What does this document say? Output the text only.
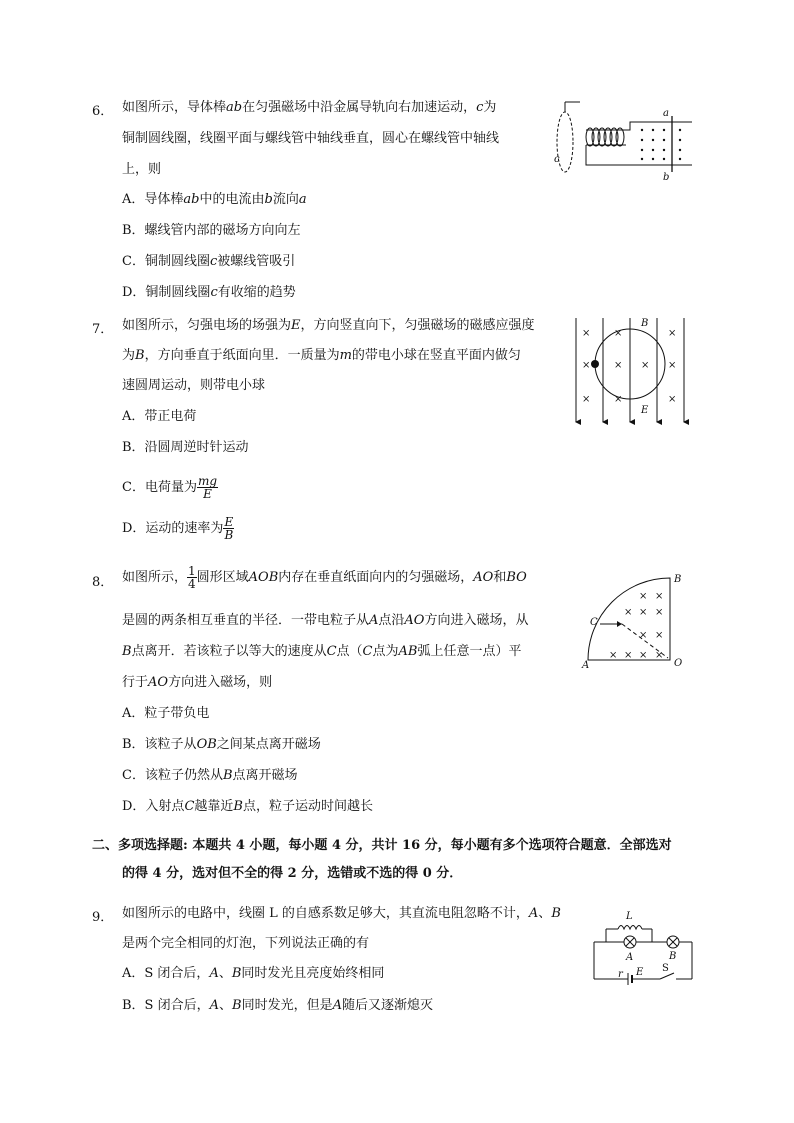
6． 如图所示，导体棒ab在匀强磁场中沿金属导轨向右加速运动，c为
铜制圆线圈，线圈平面与螺线管中轴线垂直，圆心在螺线管中轴线
上，则
A．导体棒ab中的电流由b流向a
B．螺线管内部的磁场方向向左
C．铜制圆线圈c被螺线管吸引
D．铜制圆线圈c有收缩的趋势
c
a
b
7． 如图所示，匀强电场的场强为E，方向竖直向下，匀强磁场的磁感应强度
为B，方向垂直于纸面向里．一质量为m的带电小球在竖直平面内做匀
速圆周运动，则带电小球
A．带正电荷
B．沿圆周逆时针运动
C．电荷量为 $\frac{mg}{E}$
D．运动的速率为 $\frac{E}{B}$
× ×	×
× × × ×
× ×	×
B
E
8． 如图所示， $\frac{1}{4}$ 圆形区域AOB内存在垂直纸面向内的匀强磁场，AO和BO
是圆的两条相互垂直的半径．一带电粒子从A点沿AO方向进入磁场，从
B点离开．若该粒子以等大的速度从C点（C点为AB弧上任意一点）平
行于AO方向进入磁场，则
A．粒子带负电
B．该粒子从OB之间某点离开磁场
C．该粒子仍然从B点离开磁场
D．入射点C越靠近B点，粒子运动时间越长
× ×
× × ×
× ×
× × × ×
B
C
A	O
二、多项选择题: 本题共 4 小题，每小题 4 分，共计 16 分，每小题有多个选项符合题意．全部选对
的得 4 分，选对但不全的得 2 分，选错或不选的得 0 分．
9． 如图所示的电路中，线圈 L 的自感系数足够大，其直流电阻忽略不计，A、B
是两个完全相同的灯泡，下列说法正确的有
A．S 闭合后，A、B同时发光且亮度始终相同
B．S 闭合后，A、B同时发光，但是A随后又逐渐熄灭
L
A	B
r E S
